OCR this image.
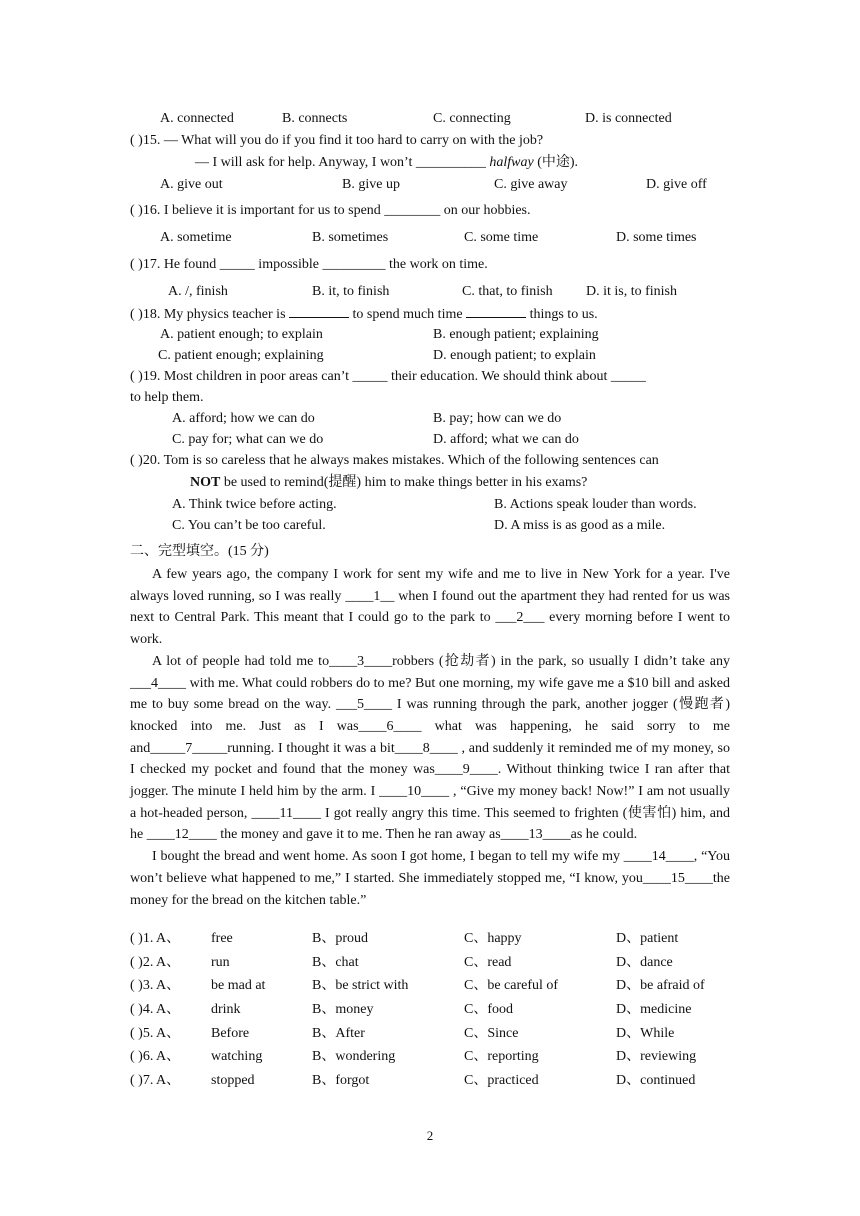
A. connected	B. connects	C. connecting	D. is connected
( )15. — What will you do if you find it too hard to carry on with the job?
— I will ask for help. Anyway, I won’t __________ halfway (中途).
A. give out	B. give up	C. give away	D. give off
( )16. I believe it is important for us to spend ________ on our hobbies.
A. sometime	B. sometimes	C. some time	D. some times
( )17. He found _____ impossible _________ the work on time.
A. /, finish	B. it, to finish	C. that, to finish D. it is, to finish
( )18. My physics teacher is	to spend much time	things to us.
A. patient enough; to explain	B. enough patient; explaining
C. patient enough; explaining	D. enough patient; to explain
( )19. Most children in poor areas can’t _____ their education. We should think about _____
to help them.
A. afford; how we can do	B. pay; how can we do
C. pay for; what can we do	D. afford; what we can do
( )20. Tom is so careless that he always makes mistakes. Which of the following sentences can
NOT be used to remind(提醒) him to make things better in his exams?
A. Think twice before acting.	B. Actions speak louder than words.
C. You can’t be too careful.	D. A miss is as good as a mile.
二、完型填空。(15 分)

A few years ago, the company I work for sent my wife and me to live in New York for a year. I've always loved running, so I was really ____1__ when I found out the apartment they had rented for us was next to Central Park. This meant that I could go to the park to ___2___ every morning before I went to work.

A lot of people had told me to____3____robbers (抢劫者) in the park, so usually I didn’t take any ___4____ with me. What could robbers do to me? But one morning, my wife gave me a $10 bill and asked me to buy some bread on the way. ___5____ I was running through the park, another jogger (慢跑者) knocked into me. Just as I was____6____ what was happening, he said sorry to me and_____7_____running. I thought it was a bit____8____ , and suddenly it reminded me of my money, so I checked my pocket and found that the money was____9____. Without thinking twice I ran after that jogger. The minute I held him by the arm. I ____10____ , “Give my money back! Now!” I am not usually a hot-headed person, ____11____ I got really angry this time. This seemed to frighten (使害怕) him, and he ____12____ the money and gave it to me. Then he ran away as____13____as he could.

I bought the bread and went home. As soon I got home, I began to tell my wife my ____14____, “You won’t believe what happened to me,” I started. She immediately stopped me, “I know, you____15____the money for the bread on the kitchen table.”

( )1. A、 free	B、proud	C、happy	D、patient
( )2. A、 run	B、chat	C、read	D、dance
( )3. A、 be mad at	B、be strict with	C、be careful of	D、be afraid of
( )4. A、 drink	B、money	C、food	D、medicine
( )5. A、 Before	B、After	C、Since	D、While
( )6. A、 watching	B、wondering	C、reporting	D、reviewing
( )7. A、 stopped	B、forgot	C、practiced	D、continued
2
